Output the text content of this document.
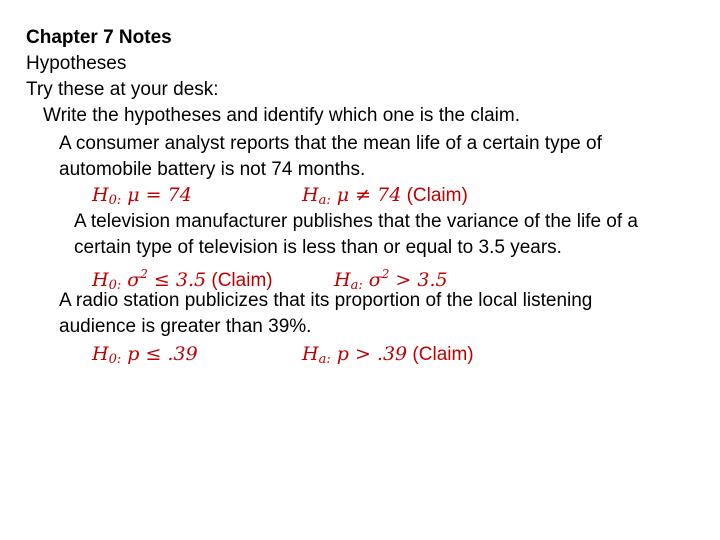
Chapter 7 Notes
Hypotheses
Try these at your desk:
Write the hypotheses and identify which one is the claim.
A consumer analyst reports that the mean life of a certain type of
automobile battery is not 74 months.
$H_{0:}$ μ = 74	$H_{a:}$ μ ≠ 74 (Claim)
A television manufacturer publishes that the variance of the life of a
certain type of television is less than or equal to 3.5 years.
$H_{0:}$ $\sigma^2 \le 3.5$ (Claim)	$H_{a:}$ $\sigma^2 > 3.5$
A radio station publicizes that its proportion of the local listening
audience is greater than 39%.
$H_{0:}$ p ≤ .39	$H_{a:}$ p > .39 (Claim)
